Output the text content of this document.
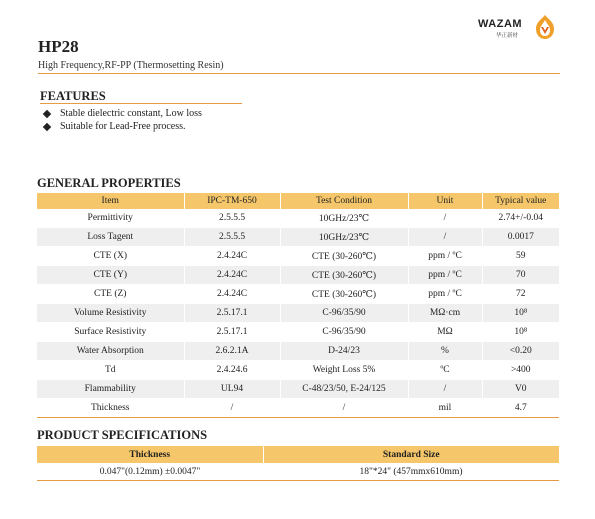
WAZAM
华正新材
HP28
High Frequency,RF-PP (Thermosetting Resin)
FEATURES
Stable dielectric constant, Low loss
Suitable for Lead-Free process.
GENERAL PROPERTIES
Item	IPC-TM-650	Test Condition	Unit	Typical value
Permittivity	2.5.5.5	10GHz/23℃	/	2.74+/-0.04
Loss Tagent	2.5.5.5	10GHz/23℃	/	0.0017
CTE (X)	2.4.24C	CTE (30-260℃)	ppm / ºC	59
CTE (Y)	2.4.24C	CTE (30-260℃)	ppm / ºC	70
CTE (Z)	2.4.24C	CTE (30-260℃)	ppm / ºC	72
Volume Resistivity	2.5.17.1	C-96/35/90	MΩ·cm	10⁸
Surface Resistivity	2.5.17.1	C-96/35/90	MΩ	10⁸
Water Absorption	2.6.2.1A	D-24/23	%	<0.20
Td	2.4.24.6	Weight Loss 5%	ºC	>400
Flammability	UL94	C-48/23/50, E-24/125	/	V0
Thickness	/	/	mil	4.7
PRODUCT SPECIFICATIONS
Thickness	Standard Size
0.047"(0.12mm) ±0.0047"	18"*24" (457mmx610mm)
